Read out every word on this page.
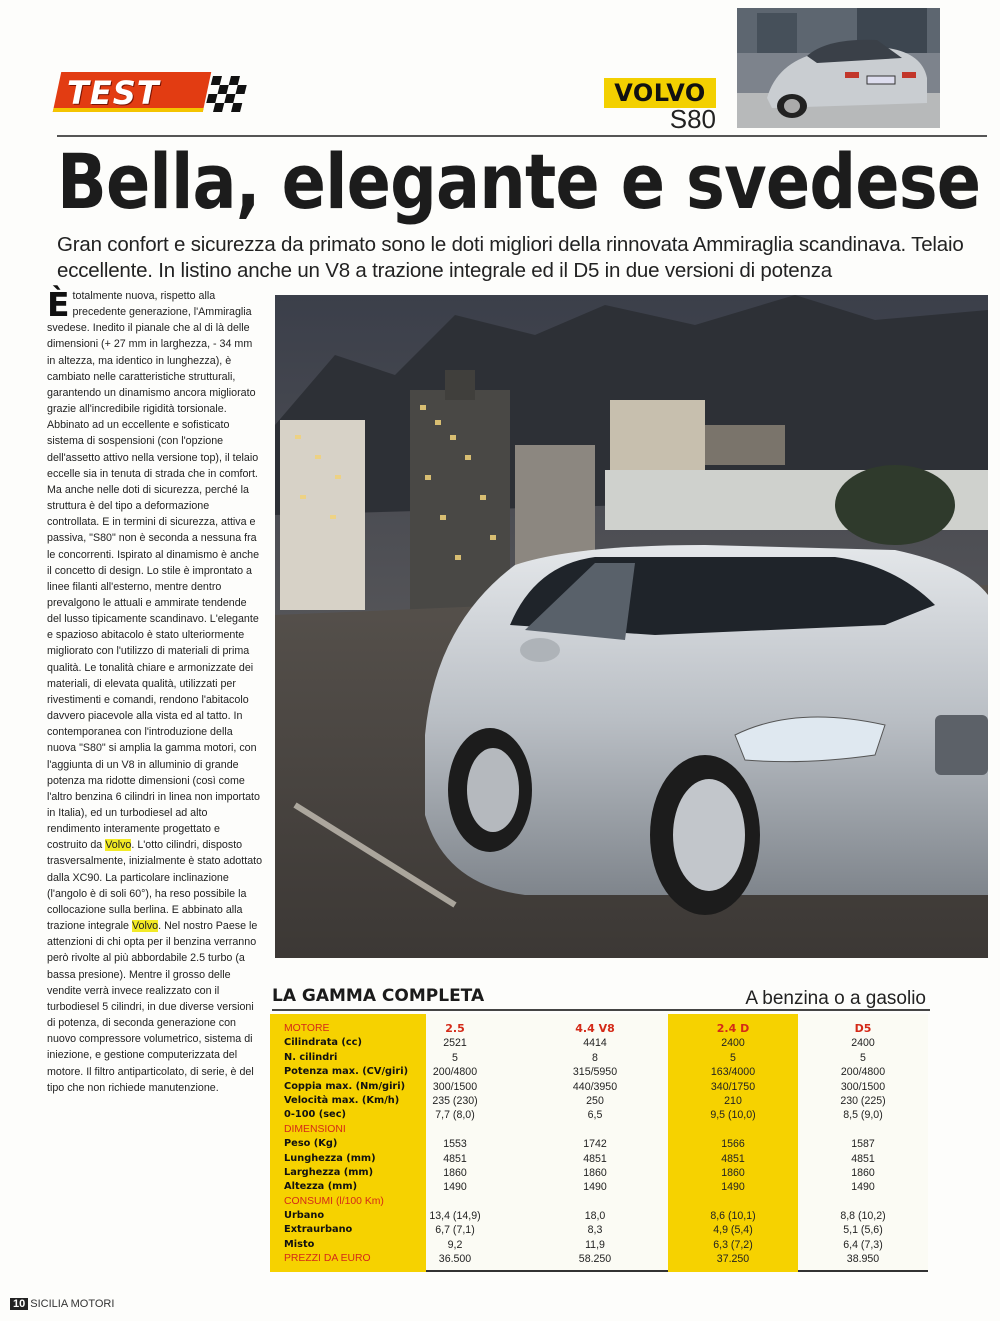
TEST	VOLVO
S80
Bella, elegante e svedese
Gran confort e sicurezza da primato sono le doti migliori della rinnovata Ammiraglia scandinava. Telaio eccellente. In listino anche un V8 a trazione integrale ed il D5 in due versioni di potenza
È totalmente nuova, rispetto alla precedente generazione, l'Ammiraglia svedese. Inedito il pianale che al di là delle dimensioni (+ 27 mm in larghezza, - 34 mm in altezza, ma identico in lunghezza), è cambiato nelle caratteristiche strutturali, garantendo un dinamismo ancora migliorato grazie all'incredibile rigidità torsionale. Abbinato ad un eccellente e sofisticato sistema di sospensioni (con l'opzione dell'assetto attivo nella versione top), il telaio eccelle sia in tenuta di strada che in comfort. Ma anche nelle doti di sicurezza, perché la struttura è del tipo a deformazione controllata. E in termini di sicurezza, attiva e passiva, "S80" non è seconda a nessuna fra le concorrenti. Ispirato al dinamismo è anche il concetto di design. Lo stile è improntato a linee filanti all'esterno, mentre dentro prevalgono le attuali e ammirate tendende del lusso tipicamente scandinavo. L'elegante e spazioso abitacolo è stato ulteriormente migliorato con l'utilizzo di materiali di prima qualità. Le tonalità chiare e armonizzate dei materiali, di elevata qualità, utilizzati per rivestimenti e comandi, rendono l'abitacolo davvero piacevole alla vista ed al tatto. In contemporanea con l'introduzione della nuova "S80" si amplia la gamma motori, con l'aggiunta di un V8 in alluminio di grande potenza ma ridotte dimensioni (così come l'altro benzina 6 cilindri in linea non importato in Italia), ed un turbodiesel ad alto rendimento interamente progettato e costruito da Volvo. L'otto cilindri, disposto trasversalmente, inizialmente è stato adottato dalla XC90. La particolare inclinazione (l'angolo è di soli 60°), ha reso possibile la collocazione sulla berlina. E abbinato alla trazione integrale Volvo. Nel nostro Paese le attenzioni di chi opta per il benzina verranno però rivolte al più abbordabile 2.5 turbo (a bassa presione). Mentre il grosso delle vendite verrà invece realizzato con il turbodiesel 5 cilindri, in due diverse versioni di potenza, di seconda generazione con nuovo compressore volumetrico, sistema di iniezione, e gestione computerizzata del motore. Il filtro antiparticolato, di serie, è del tipo che non richiede manutenzione.

LA GAMMA COMPLETA	A benzina o a gasolio
MOTORE
Cilindrata (cc)
N. cilindri
Potenza max. (CV/giri)
Coppia max. (Nm/giri)
Velocità max. (Km/h)
0-100 (sec)
DIMENSIONI
Peso (Kg)
Lunghezza (mm)
Larghezza (mm)
Altezza (mm)
CONSUMI (l/100 Km)
Urbano
Extraurbano
Misto
PREZZI DA EURO
2.5
2521
5
200/4800
300/1500
235 (230)
7,7 (8,0)
1553
4851
1860
1490
13,4 (14,9)
6,7 (7,1)
9,2
36.500
4.4 V8
4414
8
315/5950
440/3950
250
6,5
1742
4851
1860
1490
18,0
8,3
11,9
58.250
2.4 D
2400
5
163/4000
340/1750
210
9,5 (10,0)
1566
4851
1860
1490
8,6 (10,1)
4,9 (5,4)
6,3 (7,2)
37.250
D5
2400
5
200/4800
300/1500
230 (225)
8,5 (9,0)
1587
4851
1860
1490
8,8 (10,2)
5,1 (5,6)
6,4 (7,3)
38.950
10 SICILIA MOTORI
